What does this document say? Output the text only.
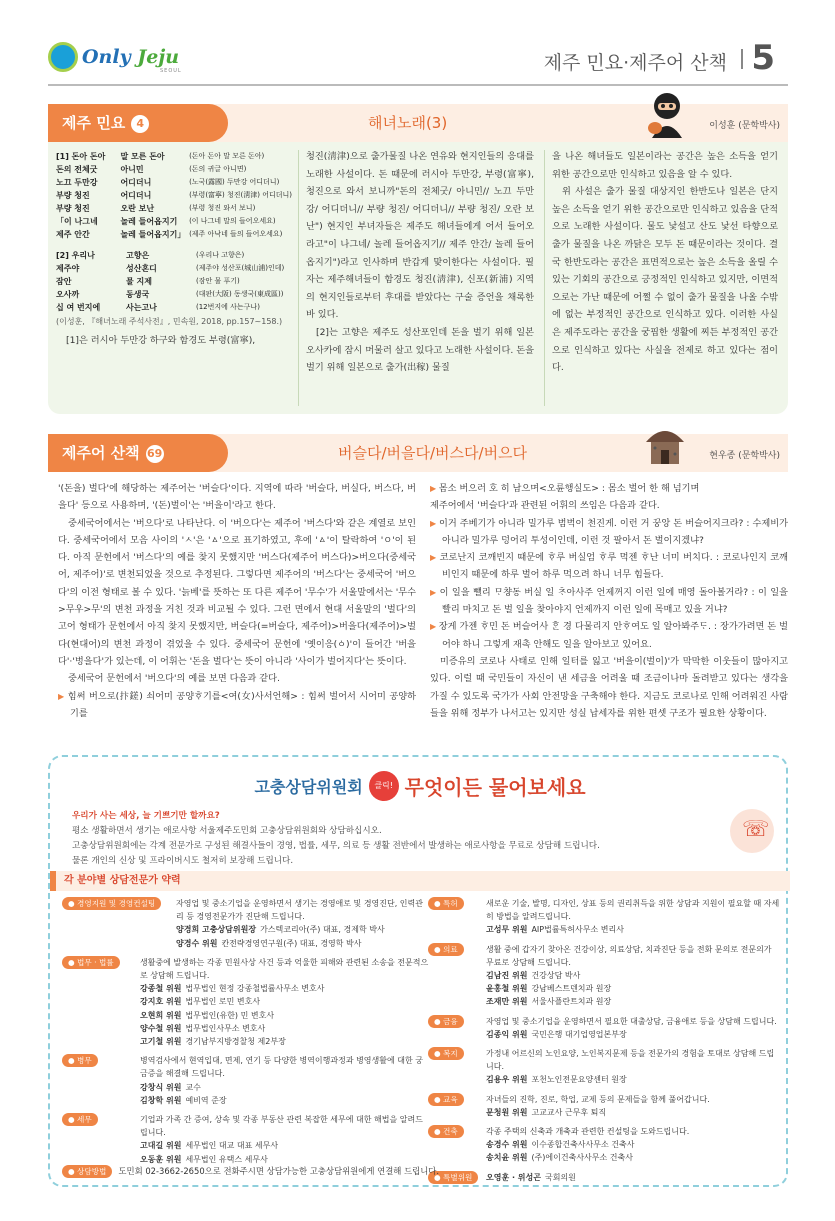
Only Jeju
SEOUL	제주 민요·제주어 산책 5
제주 민요 4	해녀노래(3)	이성훈 (문학박사)
[1] 돈아 돈아	말 모른 돈아	(돈아 돈아 말 모른 돈아)
돈의 전체굿	아니민	(돈의 귀글 아니면)
노끄 두만강	어디더니	(노국(露國) 두만강 어디더니)
부량 청진	어디더니	(부령(富寧) 청진(淸津) 어디더니)
부량 청진	오란 보난	(부령 청진 와서 보니)
「이 나그네	놀레 들어옵지기	(이 나그네 말의 들어오세요)
제주 안간	놀레 들어옵지기」	(제주 아낙네 들의 들어오세요)
[2] 우리나	고향은	(우리나 고향은)
제주야	성산혼디	(제주야 성산포(城山浦)인데)
잠안	물 지제	(잠안 물 푸기)
오사까	동생국	(대판(大阪) 동생국(東成區))
십 여 번지에	사는고나	(12번지에 사는구나)
(이성훈, 『해녀노래 주석사전』, 민속원, 2018, pp.157~158.)

[1]은 러시아 두만강 하구와 함경도 부령(富寧),

청진(淸津)으로 출가물질 나온 연유와 현지인들의 응대를 노래한 사설이다. 돈 때문에 러시아 두만강, 부령(富寧), 청진으로 와서 보니까"돈의 전체굿/ 아니민// 노끄 두만강/ 어디더니// 부량 청진/ 어디더니// 부량 청진/ 오란 보난") 현지인 부녀자들은 제주도 해녀들에게 어서 들어오라고"이 나그네/ 놀레 들어옵지기// 제주 안간/ 놀레 들어옵지기")라고 인사하며 반갑게 맞이한다는 사설이다. 필자는 제주해녀들이 함경도 청진(淸津), 신포(新浦) 지역의 현지인들로부터 후대를 받았다는 구술 증언을 채록한 바 있다.

[2]는 고향은 제주도 성산포인데 돈을 벌기 위해 일본 오사카에 잠시 머물러 살고 있다고 노래한 사설이다. 돈을 벌기 위해 일본으로 출가(出稼) 물질

을 나온 해녀들도 일본이라는 공간은 높은 소득을 얻기 위한 공간으로만 인식하고 있음을 알 수 있다.

위 사설은 출가 물질 대상지인 한반도나 일본은 단지 높은 소득을 얻기 위한 공간으로만 인식하고 있음을 단적으로 노래한 사설이다. 물도 낯설고 산도 낯선 타향으로 출가 물질을 나온 까닭은 모두 돈 때문이라는 것이다. 결국 한반도라는 공간은 표면적으로는 높은 소득을 올릴 수 있는 기회의 공간으로 긍정적인 인식하고 있지만, 이면적으로는 가난 때문에 어쩔 수 없이 출가 물질을 나올 수밖에 없는 부정적인 공간으로 인식하고 있다. 이러한 사실은 제주도라는 공간을 궁핍한 생활에 찌든 부정적인 공간으로 인식하고 있다는 사실을 전제로 하고 있다는 점이다.

제주어 산책 69	버슬다/버을다/버스다/버으다	현우종 (문학박사)

'(돈을) 벌다'에 해당하는 제주어는 '버슬다'이다. 지역에 따라 '버슬다, 버실다, 버스다, 버을다' 등으로 사용하며, '(돈)벌이'는 '버을이'라고 한다.

중세국어에서는 '버으다'로 나타난다. 이 '버으다'는 제주어 '버스다'와 같은 계열로 보인다. 중세국어에서 모음 사이의 'ㅅ'은 'ㅿ'으로 표기하였고, 후에 'ㅿ'이 탈락하여 'ㅇ'이 된다. 아직 문헌에서 '버스다'의 예를 찾지 못했지만 '버스다(제주어 버스다)>버으다(중세국어, 제주어)'로 변천되었을 것으로 추정된다. 그렇다면 제주어의 '버스다'는 중세국어 '버으다'의 이전 형태로 볼 수 있다. '늙베'를 뜻하는 또 다른 제주어 '무수'가 서울말에서는 '무수>무우>무'의 변천 과정을 거친 것과 비교될 수 있다. 그런 면에서 현대 서울말의 '벌다'의 고어 형태가 문헌에서 아직 찾지 못했지만, 버슬다(=버슬다, 제주어)>버을다(제주어)>벌다(현대어)의 변천 과정이 겪었을 수 있다. 중세국어 문헌에 '옛이응(ㆁ)'이 들어간 '버을다'·'벙을다'가 있는데, 이 어휘는 '돈을 벌다'는 뜻이 아니라 '사이가 벌어지다'는 뜻이다.

중세국어 문헌에서 '버으다'의 예를 보면 다음과 같다.

▶ 힘써 버으로(抃鎈) 쇠어미 공양ᄒᆞ기를<여(女)사서언해> : 힘써 벌어서 시어미 공양하기를

▶ 몸소 버으러 호 히 남으며<오륜행실도> : 몸소 벌어 한 해 넘기며

제주어에서 '버슬다'과 관련된 어휘의 쓰임은 다음과 같다.

▶ 이거 주베기가 아니라 밀가루 범벅이 천진게. 이런 거 꿍앙 돈 버슬어지크라? : 수제비가 아니라 밀가루 덩어리 투성이인데, 이런 것 팔아서 돈 벌이지겠냐?

▶ 코로난지 코깨빈지 때문에 ᄒᆞ루 버실엄 ᄒᆞ루 먹젠 ᄒᆞ난 너미 버치다. : 코로나인지 코깨비인지 때문에 하루 벌어 하루 먹으려 하니 너무 힘들다.

▶ 이 일을 뺄리 ᄆᆞ챵동 버실 일 ᄎᆞ아사주 언제꺼지 이런 일에 매영 돌아볼거라? : 이 일을 빨리 마치고 돈 벌 일을 찾아야지 언제까지 이런 일에 목매고 있을 거냐?

▶ 장게 가젠 ᄒᆞ민 돈 버슬어사 ᄒᆞᆫ 경 다물리지 안ᄒᆞ여도 일 알아봐주ᄃᆞ. : 장가가려면 돈 벌어야 하니 그렇게 재촉 안해도 일을 알아보고 있어요.

미증유의 코로나 사태로 인해 일터를 잃고 '버을이(벌이)'가 막막한 이웃들이 많아지고 있다. 이럴 때 국민들이 자신이 낸 세금을 어려울 때 조금이나마 돌려받고 있다는 생각을 가질 수 있도록 국가가 사회 안전망을 구축해야 한다. 지금도 코로나로 인해 어려워진 사람들을 위해 정부가 나서고는 있지만 성실 납세자를 위한 편셋 구조가 필요한 상황이다.

고충상담위원회 클릭! 무엇이든 물어보세요
우리가 사는 세상, 늘 기쁘기만 할까요?
평소 생활하면서 생기는 애로사항 서울제주도민회 고충상담위원회와 상담하십시오.
고충상담위원회에는 각계 전문가로 구성된 해결사들이 경영, 법률, 세무, 의료 등 생활 전반에서 발생하는 애로사항을 무료로 상담해 드립니다.
물론 개인의 신상 및 프라이버시도 철저히 보장해 드립니다.
☏
각 분야별 상담전문가 약력
● 경영지원 및 경영컨설팅	자영업 및 중소기업을 운영하면서 생기는 경영애로 및 경영진단, 인력관리 등 경영전문가가 진단해 드립니다.
양경희 고충상담위원장 가스텍코리아(주) 대표, 경제학 박사
양경수 위원 칸전략경영연구원(주) 대표, 경영학 박사
● 법무 · 법률	생활중에 발생하는 각종 민원사상 사건 등과 억울한 피해와 관련된 소송을 전문적으로 상담해 드립니다.
강종철 위원 법무법인 현정 강종철법률사무소 변호사
강지호 위원 법무법인 로민 변호사
오현희 위원 법무법인(유한) 민 변호사
양수철 위원 법무법인사무소 변호사
고기철 위원 경기남부지방경찰청 제2부장
● 병무	병역검사에서 현역입대, 면제, 연기 등 다양한 병역이행과정과 병영생활에 대한 궁금증을 해결해 드립니다.
강창식 위원 교수
김창학 위원 예비역 준장
● 세무	기업과 가족 간 증여, 상속 및 각종 부동산 관련 복잡한 세무에 대한 해법을 알려드립니다.
고대길 위원 세무법인 대교 대표 세무사
오동훈 위원 세무법인 유택스 세무사
● 특허	새로운 기술, 발명, 디자인, 상표 등의 권리취득을 위한 상담과 지원이 필요할 때 자세히 방법을 알려드립니다.
고성무 위원 AIP법률특허사무소 변리사
● 의료	생활 중에 갑자기 찾아온 건강이상, 의료상담, 치과진단 등을 전화 문의로 전문의가 무료로 상담해 드립니다.
김남진 위원 건강상담 박사
윤홍철 위원 강남베스트덴치과 원장
조재만 위원 서울사플란트치과 원장
● 금융	자영업 및 중소기업을 운영하면서 필요한 대출상담, 금융애로 등을 상담해 드립니다.
김종익 위원 국민은행 대기업영업본부장
● 복지	가정내 어르신의 노인요양, 노인복지문제 등을 전문가의 경험을 토대로 상담해 드립니다.
김용우 위원 포천노인전문요양센터 원장
● 교육	자녀들의 진학, 진로, 학업, 교제 등의 문제들을 함께 풀어갑니다.
문청원 위원 고교교사 근무후 퇴직
● 건축	각종 주택의 신축과 개축과 관련한 컨설팅을 도와드립니다.
송경수 위원 이수종합건축사사무소 건축사
송치윤 위원 (주)에이건축사사무소 건축사
● 특별위원	오영훈 · 위성곤 국회의원
● 상담방법 도민회 02-3662-2650으로 전화주시면 상담가능한 고충상담위원에게 연결해 드립니다.
